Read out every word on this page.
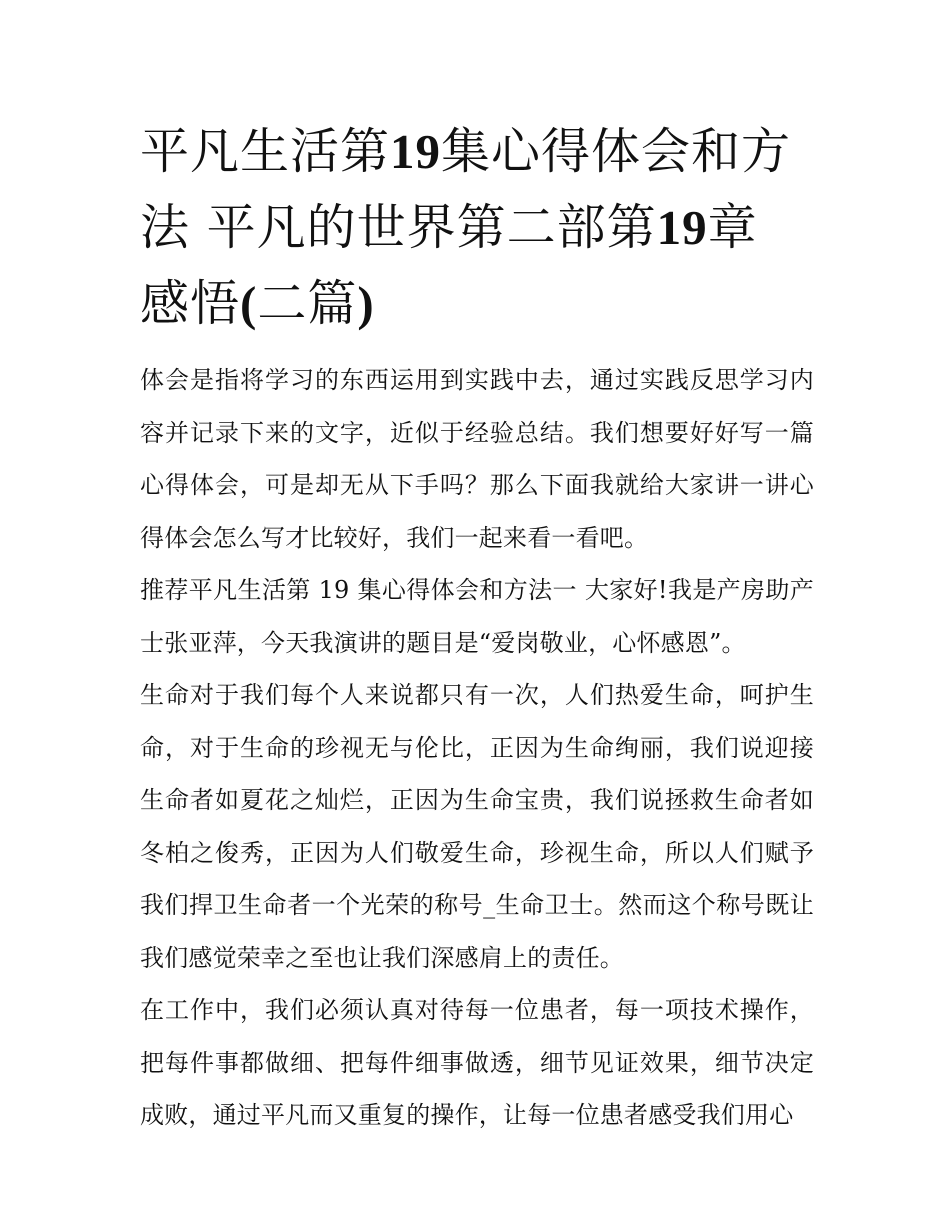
平凡生活第19集心得体会和方
法 平凡的世界第二部第19章
感悟(二篇)

体会是指将学习的东西运用到实践中去，通过实践反思学习内容并记录下来的文字，近似于经验总结。我们想要好好写一篇心得体会，可是却无从下手吗？那么下面我就给大家讲一讲心得体会怎么写才比较好，我们一起来看一看吧。

推荐平凡生活第 19 集心得体会和方法一 大家好!我是产房助产士张亚萍，今天我演讲的题目是“爱岗敬业，心怀感恩”。

生命对于我们每个人来说都只有一次，人们热爱生命，呵护生命，对于生命的珍视无与伦比，正因为生命绚丽，我们说迎接生命者如夏花之灿烂，正因为生命宝贵，我们说拯救生命者如冬柏之俊秀，正因为人们敬爱生命，珍视生命，所以人们赋予我们捍卫生命者一个光荣的称号_生命卫士。然而这个称号既让我们感觉荣幸之至也让我们深感肩上的责任。

在工作中，我们必须认真对待每一位患者，每一项技术操作，把每件事都做细、把每件细事做透，细节见证效果，细节决定成败，通过平凡而又重复的操作，让每一位患者感受我们用心
